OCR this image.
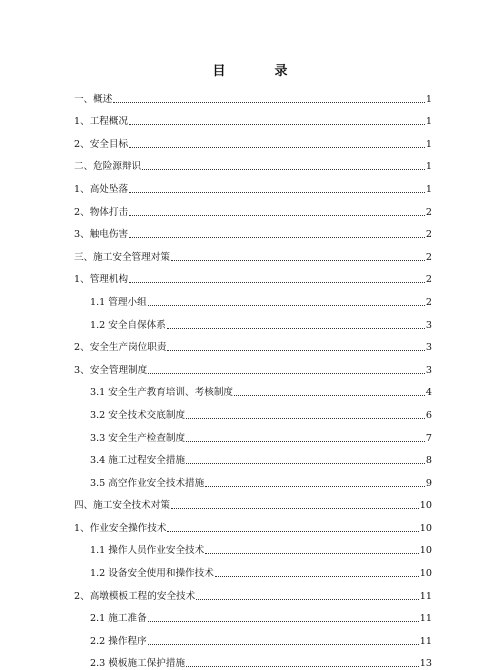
目　录
一、概述	1
1、工程概况	1
2、安全目标	1
二、危险源辩识	1
1、高处坠落	1
2、物体打击	2
3、触电伤害	2
三、施工安全管理对策	2
1、管理机构	2
1.1 管理小组	2
1.2 安全自保体系	3
2、安全生产岗位职责	3
3、安全管理制度	3
3.1 安全生产教育培训、考核制度	4
3.2 安全技术交底制度	6
3.3 安全生产检查制度	7
3.4 施工过程安全措施	8
3.5 高空作业安全技术措施	9
四、施工安全技术对策	10
1、作业安全操作技术	10
1.1 操作人员作业安全技术	10
1.2 设备安全使用和操作技术	10
2、高墩模板工程的安全技术	11
2.1 施工准备	11
2.2 操作程序	11
2.3 模板施工保护措施	13
